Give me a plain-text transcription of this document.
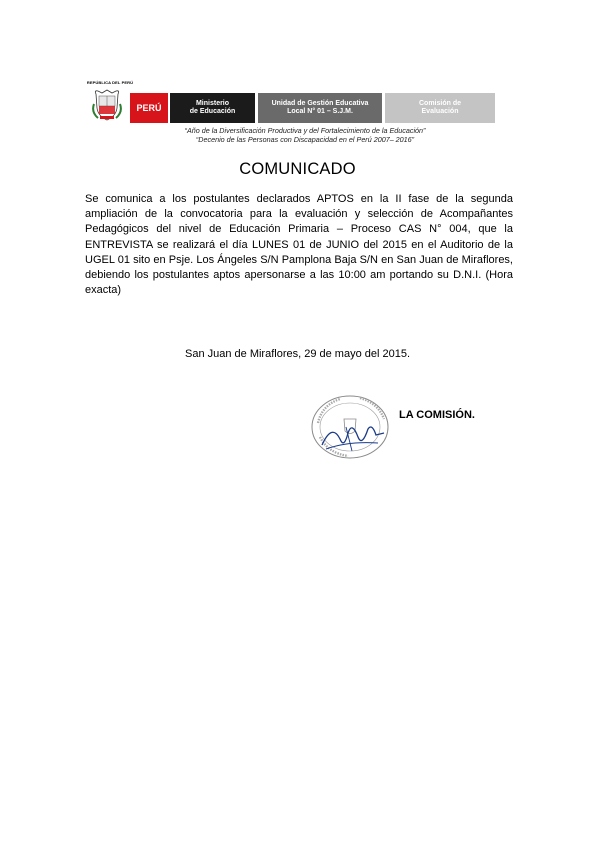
REPÚBLICA DEL PERÚ
PERÚ	Ministerio
de Educación
Unidad de Gestión Educativa
Local N° 01 – S.J.M.
Comisión de
Evaluación
“Año de la Diversificación Productiva y del Fortalecimiento de la Educación”
“Decenio de las Personas con Discapacidad en el Perú 2007– 2016”
COMUNICADO
Se comunica a los postulantes declarados APTOS en la II fase de la segunda ampliación de la convocatoria para la evaluación y selección de Acompañantes Pedagógicos del nivel de Educación Primaria – Proceso CAS N° 004, que la ENTREVISTA se realizará el día LUNES 01 de JUNIO del 2015 en el Auditorio de la UGEL 01 sito en Psje. Los Ángeles S/N Pamplona Baja S/N en San Juan de Miraflores, debiendo los postulantes aptos apersonarse a las 10:00 am portando su D.N.I. (Hora exacta)
San Juan de Miraflores, 29 de mayo del 2015.
LA COMISIÓN.
